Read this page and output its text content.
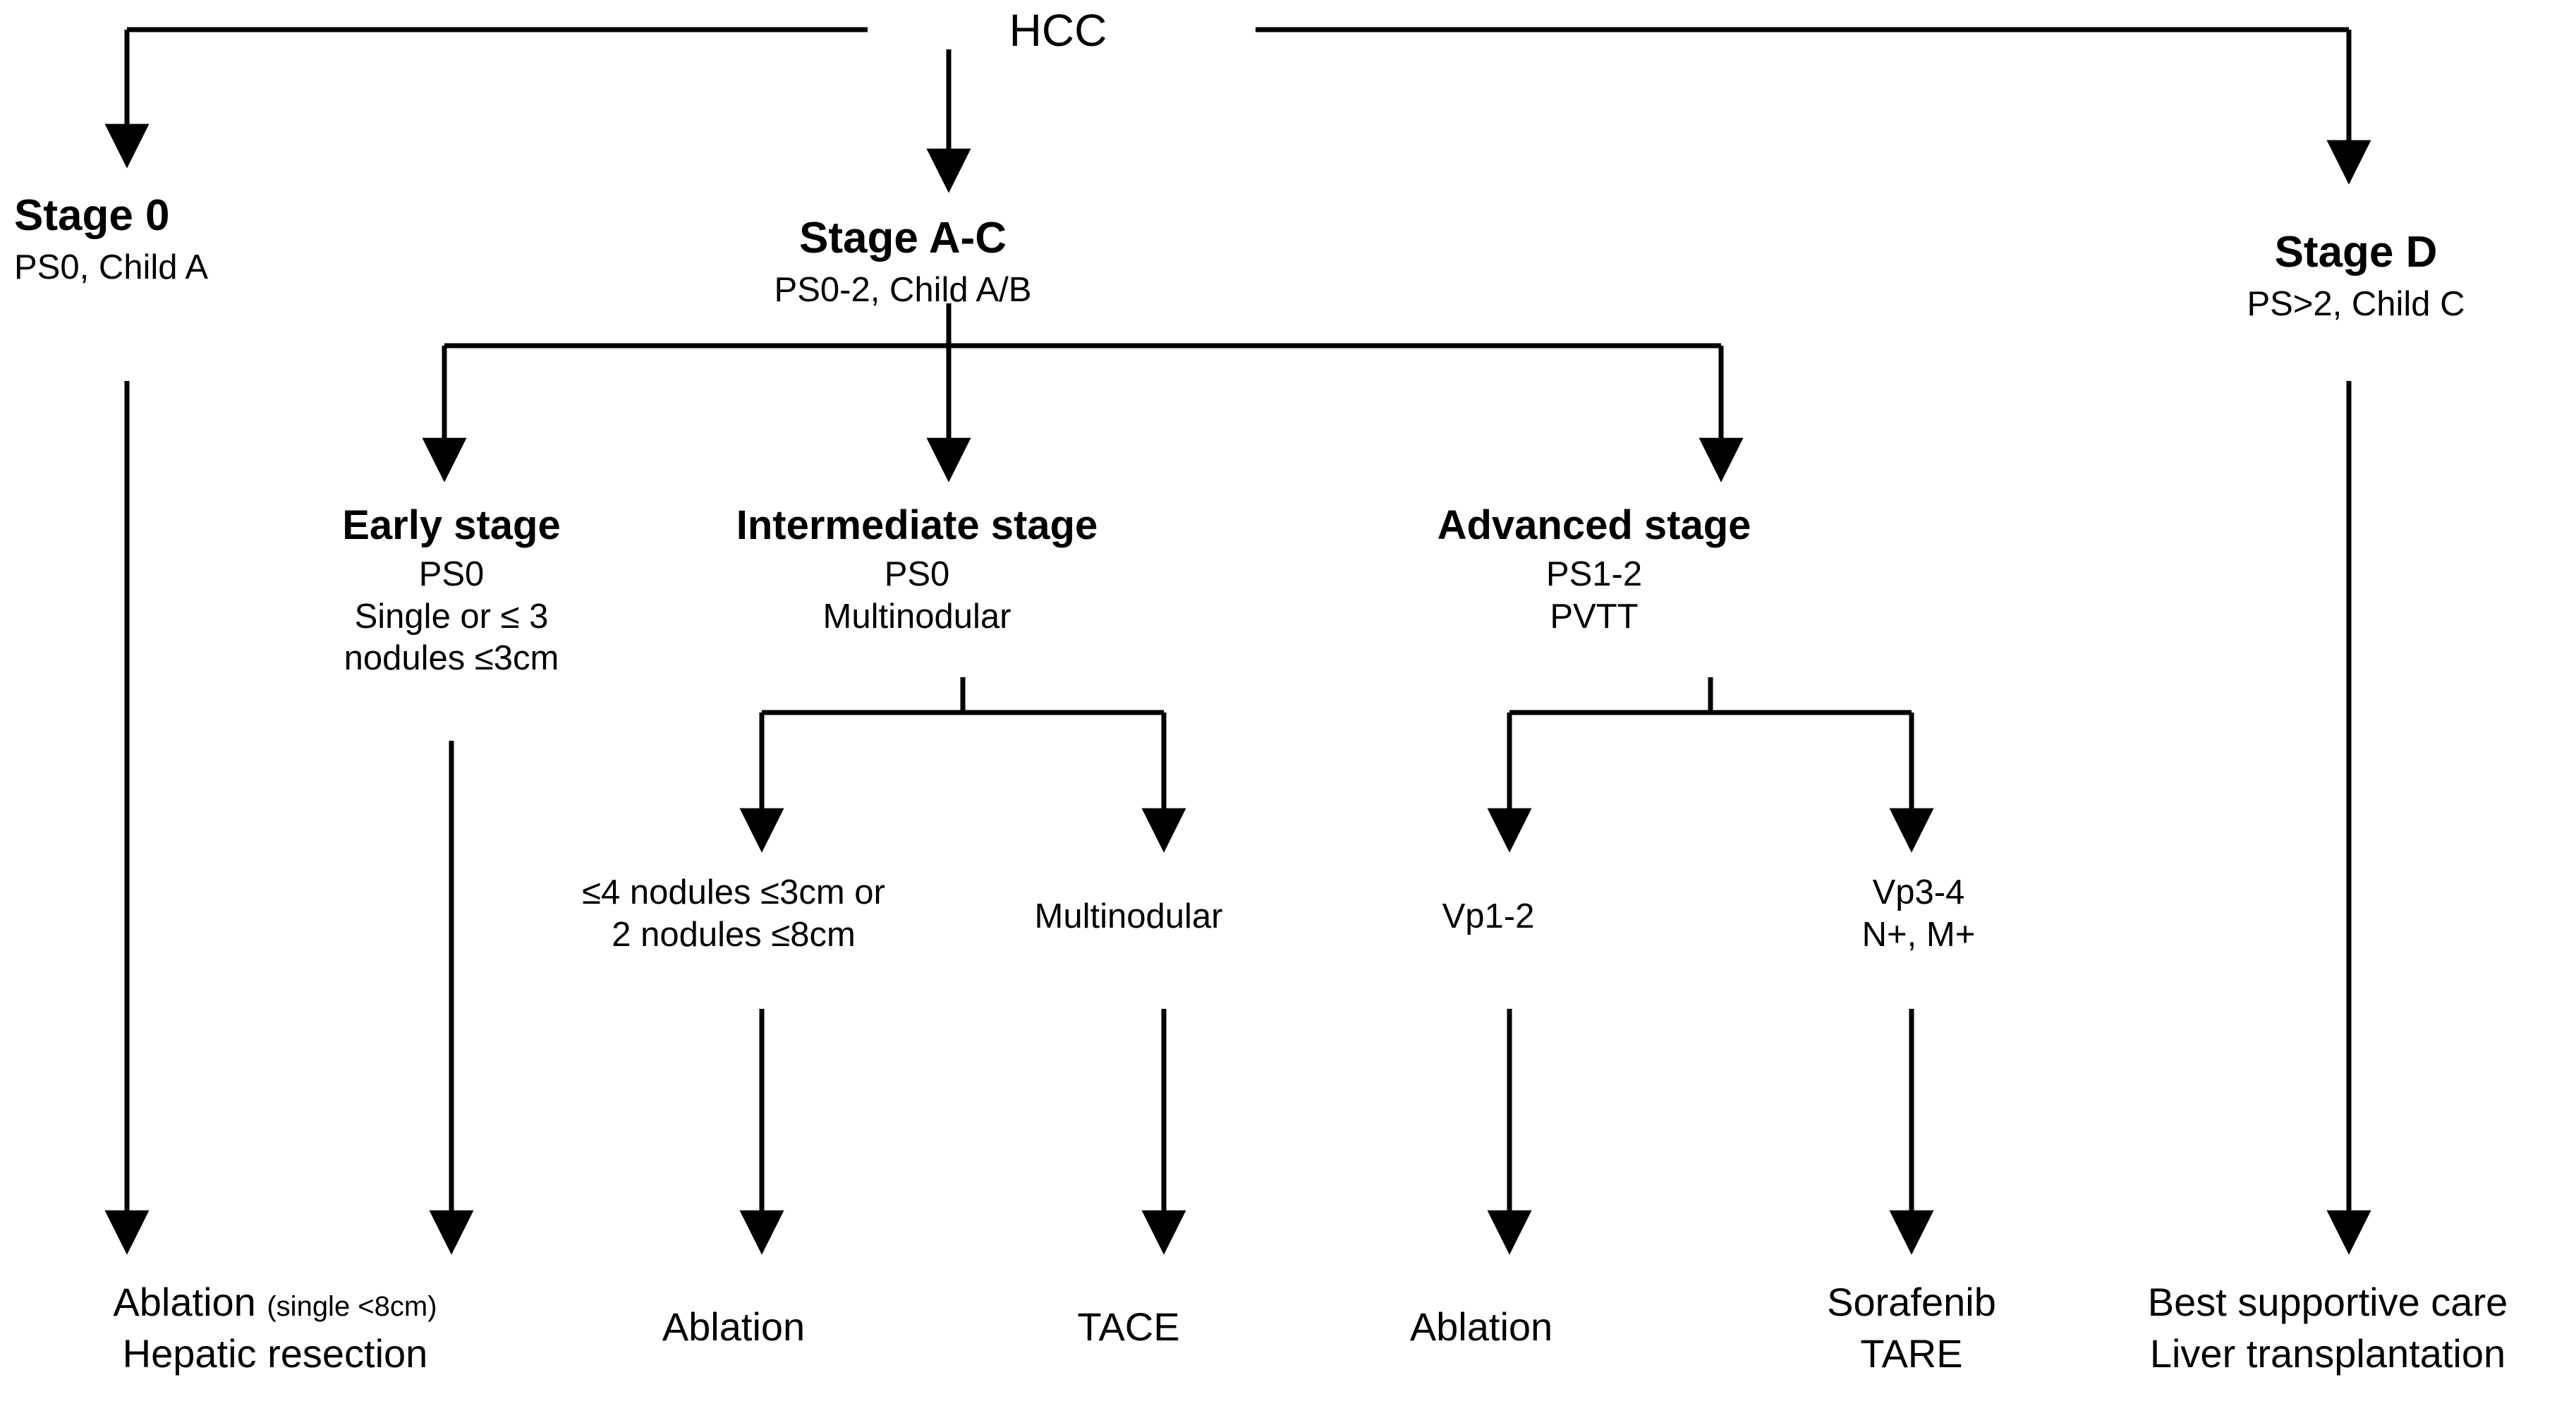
HCC
Stage 0
PS0, Child A
Stage A-C
PS0-2, Child A/B
Stage D
PS>2, Child C
Early stage
PS0
Single or ≤ 3
nodules ≤3cm
Intermediate stage
PS0
Multinodular
Advanced stage
PS1-2
PVTT
≤4 nodules ≤3cm or
2 nodules ≤8cm	Multinodular	Vp1-2
Vp3-4
N+, M+
Ablation (single <8cm)
Hepatic resection
Ablation	TACE	Ablation
Sorafenib
TARE
Best supportive care
Liver transplantation
